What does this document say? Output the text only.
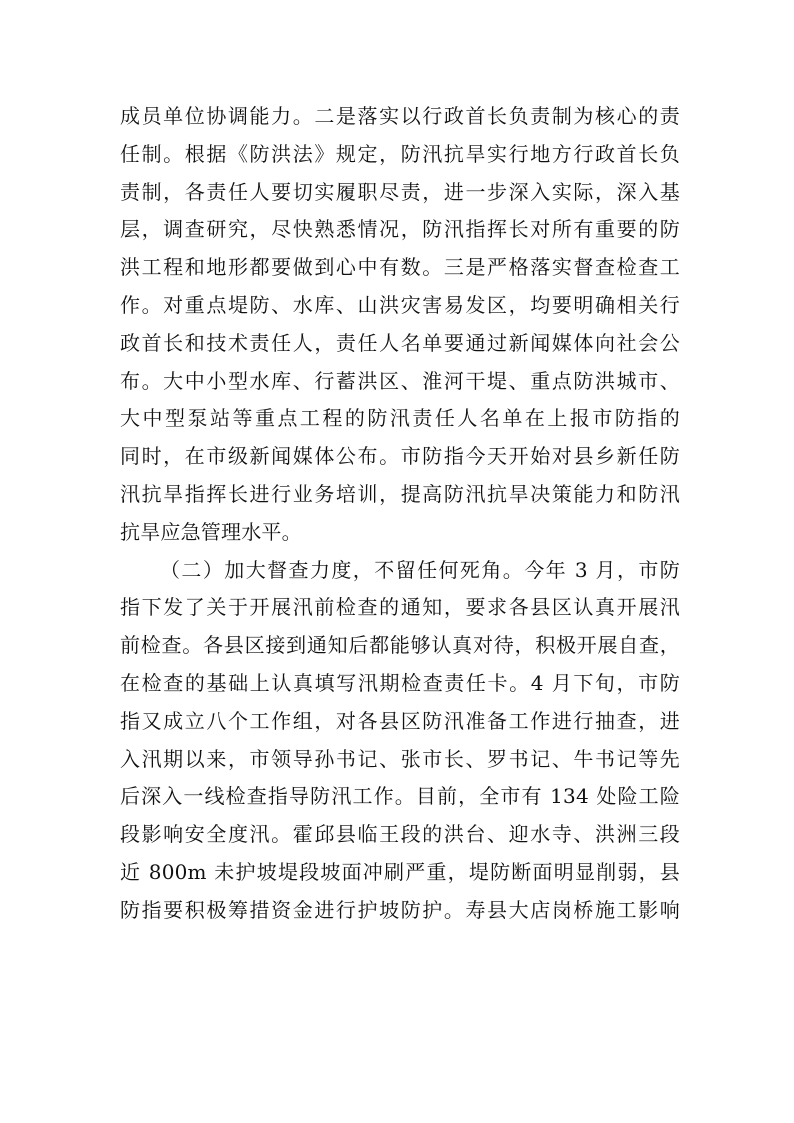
成员单位协调能力。二是落实以行政首长负责制为核心的责
任制。根据《防洪法》规定，防汛抗旱实行地方行政首长负
责制，各责任人要切实履职尽责，进一步深入实际，深入基
层，调查研究，尽快熟悉情况，防汛指挥长对所有重要的防
洪工程和地形都要做到心中有数。三是严格落实督查检查工
作。对重点堤防、水库、山洪灾害易发区，均要明确相关行
政首长和技术责任人，责任人名单要通过新闻媒体向社会公
布。大中小型水库、行蓄洪区、淮河干堤、重点防洪城市、
大中型泵站等重点工程的防汛责任人名单在上报市防指的
同时，在市级新闻媒体公布。市防指今天开始对县乡新任防
汛抗旱指挥长进行业务培训，提高防汛抗旱决策能力和防汛
抗旱应急管理水平。
（二）加大督查力度，不留任何死角。今年 3 月，市防
指下发了关于开展汛前检查的通知，要求各县区认真开展汛
前检查。各县区接到通知后都能够认真对待，积极开展自查，
在检查的基础上认真填写汛期检查责任卡。4 月下旬，市防
指又成立八个工作组，对各县区防汛准备工作进行抽查，进
入汛期以来，市领导孙书记、张市长、罗书记、牛书记等先
后深入一线检查指导防汛工作。目前，全市有 134 处险工险
段影响安全度汛。霍邱县临王段的洪台、迎水寺、洪洲三段
近 800m 未护坡堤段坡面冲刷严重，堤防断面明显削弱，县
防指要积极筹措资金进行护坡防护。寿县大店岗桥施工影响
